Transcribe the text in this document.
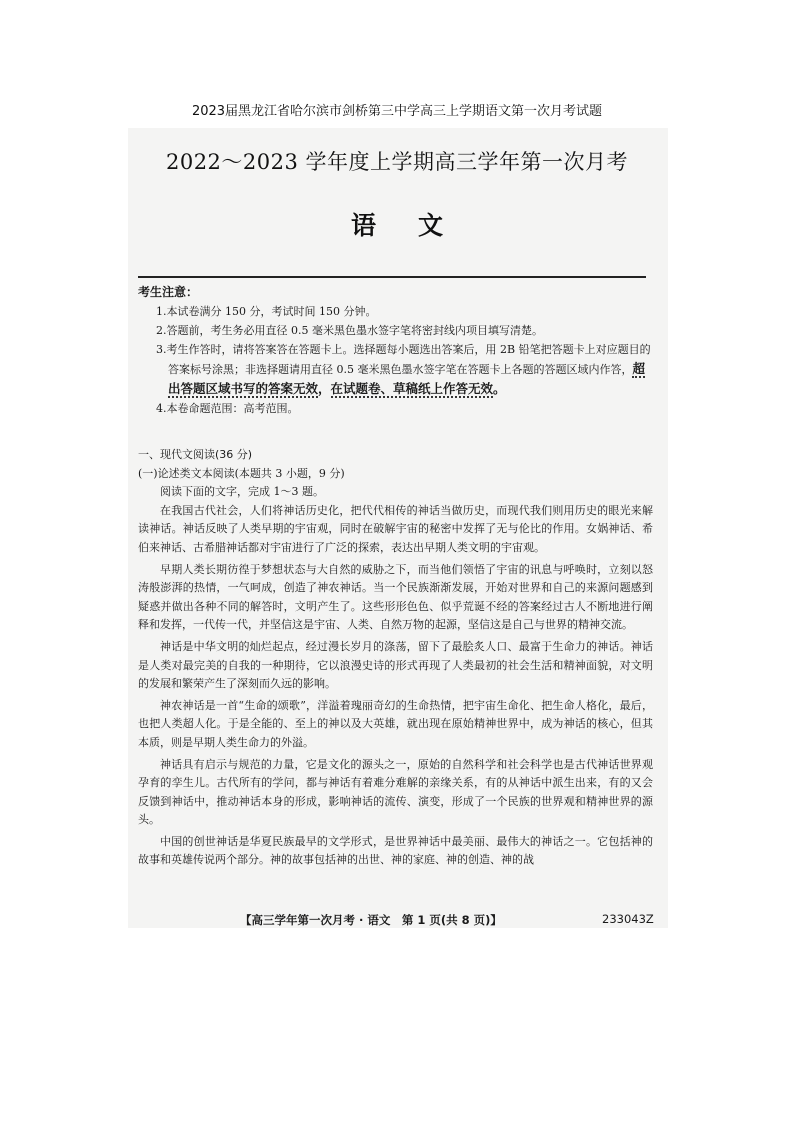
2023届黑龙江省哈尔滨市剑桥第三中学高三上学期语文第一次月考试题
2022～2023 学年度上学期高三学年第一次月考
语文
考生注意：
1.本试卷满分 150 分，考试时间 150 分钟。
2.答题前，考生务必用直径 0.5 毫米黑色墨水签字笔将密封线内项目填写清楚。
3.考生作答时，请将答案答在答题卡上。选择题每小题选出答案后，用 2B 铅笔把答题卡上对应题目的答案标号涂黑；非选择题请用直径 0.5 毫米黑色墨水签字笔在答题卡上各题的答题区域内作答，超出答题区域书写的答案无效，在试题卷、草稿纸上作答无效。
4.本卷命题范围：高考范围。
一、现代文阅读(36 分)
(一)论述类文本阅读(本题共 3 小题，9 分)
阅读下面的文字，完成 1～3 题。

在我国古代社会，人们将神话历史化，把代代相传的神话当做历史，而现代我们则用历史的眼光来解读神话。神话反映了人类早期的宇宙观，同时在破解宇宙的秘密中发挥了无与伦比的作用。女娲神话、希伯来神话、古希腊神话都对宇宙进行了广泛的探索，表达出早期人类文明的宇宙观。

早期人类长期彷徨于梦想状态与大自然的威胁之下，而当他们领悟了宇宙的讯息与呼唤时，立刻以怒涛般澎湃的热情，一气呵成，创造了神农神话。当一个民族渐渐发展，开始对世界和自己的来源问题感到疑惑并做出各种不同的解答时，文明产生了。这些形形色色、似乎荒诞不经的答案经过古人不断地进行阐释和发挥，一代传一代，并坚信这是宇宙、人类、自然万物的起源，坚信这是自己与世界的精神交流。

神话是中华文明的灿烂起点，经过漫长岁月的涤荡，留下了最脍炙人口、最富于生命力的神话。神话是人类对最完美的自我的一种期待，它以浪漫史诗的形式再现了人类最初的社会生活和精神面貌，对文明的发展和繁荣产生了深刻而久远的影响。

神农神话是一首“生命的颂歌”，洋溢着瑰丽奇幻的生命热情，把宇宙生命化、把生命人格化，最后，也把人类超人化。于是全能的、至上的神以及大英雄，就出现在原始精神世界中，成为神话的核心，但其本质，则是早期人类生命力的外溢。

神话具有启示与规范的力量，它是文化的源头之一，原始的自然科学和社会科学也是古代神话世界观孕育的孪生儿。古代所有的学问，都与神话有着难分难解的亲缘关系，有的从神话中派生出来，有的又会反馈到神话中，推动神话本身的形成，影响神话的流传、演变，形成了一个民族的世界观和精神世界的源头。

中国的创世神话是华夏民族最早的文学形式，是世界神话中最美丽、最伟大的神话之一。它包括神的故事和英雄传说两个部分。神的故事包括神的出世、神的家庭、神的创造、神的战

【高三学年第一次月考 · 语文　第 1 页(共 8 页)】	233043Z
